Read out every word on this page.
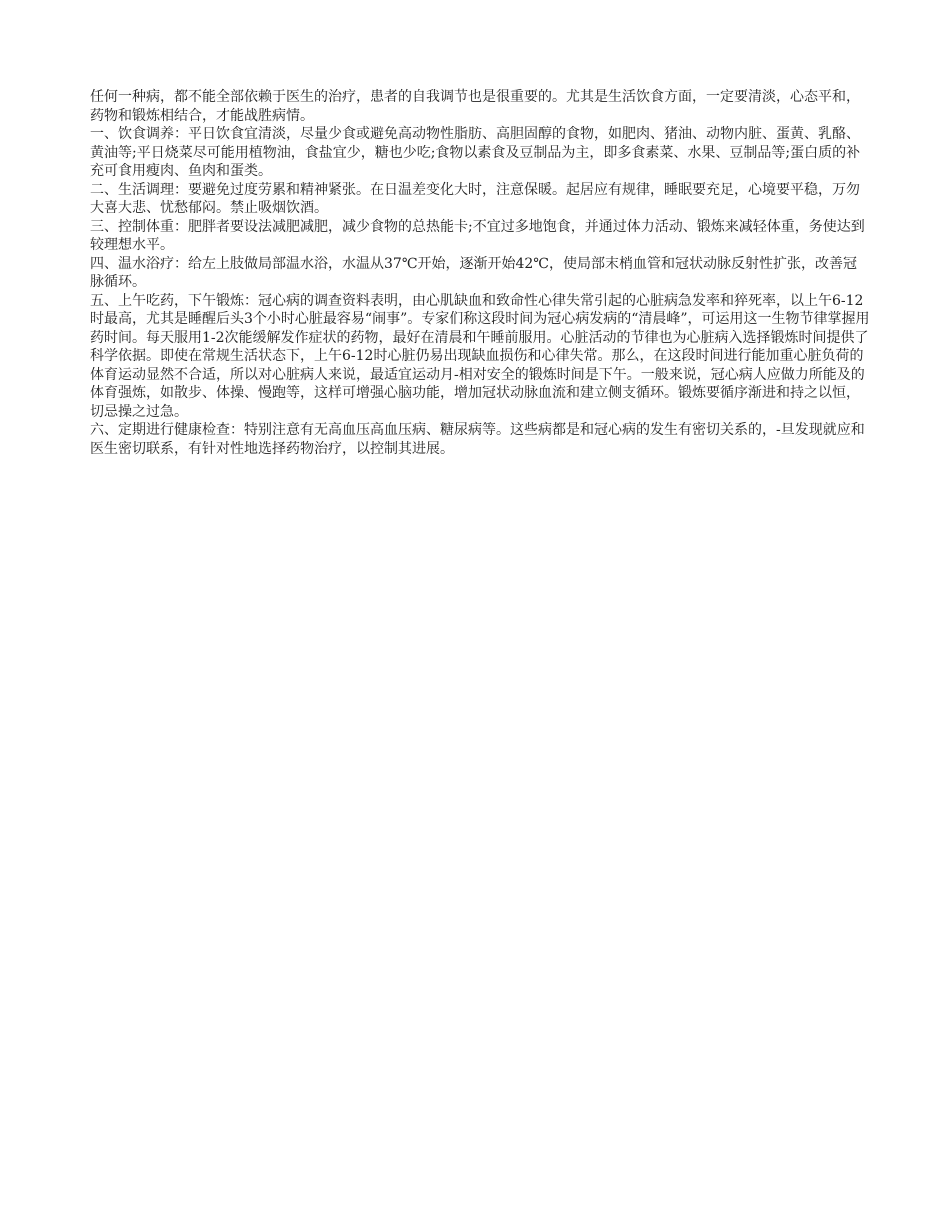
任何一种病，都不能全部依赖于医生的治疗，患者的自我调节也是很重要的。尤其是生活饮食方面，一定要清淡，心态平和，药物和锻炼相结合，才能战胜病情。

一、饮食调养：平日饮食宜清淡，尽量少食或避免高动物性脂肪、高胆固醇的食物，如肥肉、猪油、动物内脏、蛋黄、乳酪、黄油等;平日烧菜尽可能用植物油，食盐宜少，糖也少吃;食物以素食及豆制品为主，即多食素菜、水果、豆制品等;蛋白质的补充可食用瘦肉、鱼肉和蛋类。

二、生活调理：要避免过度劳累和精神紧张。在日温差变化大时，注意保暖。起居应有规律，睡眠要充足，心境要平稳，万勿大喜大悲、忧愁郁闷。禁止吸烟饮酒。

三、控制体重：肥胖者要设法减肥减肥，减少食物的总热能卡;不宜过多地饱食，并通过体力活动、锻炼来减轻体重，务使达到较理想水平。

四、温水浴疗：给左上肢做局部温水浴，水温从37℃开始，逐渐开始42℃，使局部末梢血管和冠状动脉反射性扩张，改善冠脉循环。

五、上午吃药，下午锻炼：冠心病的调查资料表明，由心肌缺血和致命性心律失常引起的心脏病急发率和猝死率，以上午6-12时最高，尤其是睡醒后头3个小时心脏最容易“闹事”。专家们称这段时间为冠心病发病的“清晨峰”，可运用这一生物节律掌握用药时间。每天服用1-2次能缓解发作症状的药物，最好在清晨和午睡前服用。心脏活动的节律也为心脏病入选择锻炼时间提供了科学依据。即使在常规生活状态下，上午6-12时心脏仍易出现缺血损伤和心律失常。那么，在这段时间进行能加重心脏负荷的体育运动显然不合适，所以对心脏病人来说，最适宜运动月-相对安全的锻炼时间是下午。一般来说，冠心病人应做力所能及的体育强炼，如散步、体操、慢跑等，这样可增强心脑功能，增加冠状动脉血流和建立侧支循环。锻炼要循序渐进和持之以恒，切忌操之过急。

六、定期进行健康检查：特别注意有无高血压高血压病、糖尿病等。这些病都是和冠心病的发生有密切关系的，-旦发现就应和医生密切联系，有针对性地选择药物治疗，以控制其进展。
